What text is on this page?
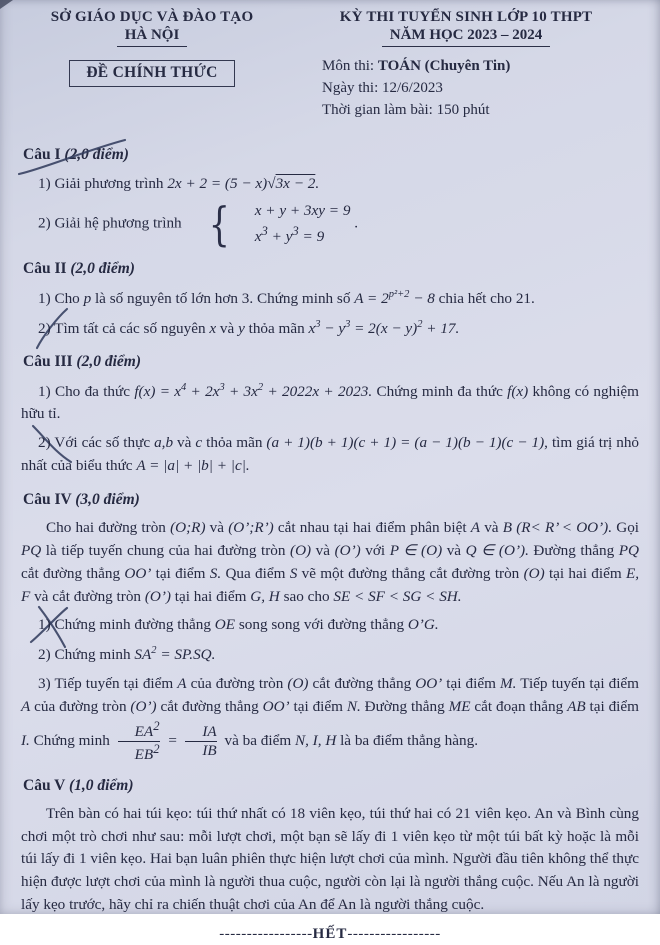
SỞ GIÁO DỤC VÀ ĐÀO TẠO
HÀ NỘI
ĐỀ CHÍNH THỨC
KỲ THI TUYỂN SINH LỚP 10 THPT
NĂM HỌC 2023 – 2024
Môn thi: TOÁN (Chuyên Tin)
Ngày thi: 12/6/2023
Thời gian làm bài: 150 phút
Câu I (2,0 điểm)

1) Giải phương trình 2x + 2 = (5 − x)√3x − 2.

2) Giải hệ phương trình {	x + y + 3xy = 9
$x^3 + y^3 = 9$
.

Câu II (2,0 điểm)

1) Cho p là số nguyên tố lớn hơn 3. Chứng minh số $A = 2^{p^2+2} - 8$ chia hết cho 21.

2) Tìm tất cả các số nguyên x và y thỏa mãn $x^3 - y^3 = 2(x - y)^2 + 17$.

Câu III (2,0 điểm)

1) Cho đa thức $f(x) = x^4 + 2x^3 + 3x^2 + 2022x + 2023$. Chứng minh đa thức f(x) không có nghiệm hữu tỉ.

2) Với các số thực a,b và c thỏa mãn (a + 1)(b + 1)(c + 1) = (a − 1)(b − 1)(c − 1), tìm giá trị nhỏ nhất của biểu thức A = |a| + |b| + |c|.

Câu IV (3,0 điểm)

Cho hai đường tròn (O;R) và (O’;R’) cắt nhau tại hai điểm phân biệt A và B (R< R’ < OO’). Gọi PQ là tiếp tuyến chung của hai đường tròn (O) và (O’) với P ∈ (O) và Q ∈ (O’). Đường thẳng PQ cắt đường thẳng OO’ tại điểm S. Qua điểm S vẽ một đường thẳng cắt đường tròn (O) tại hai điểm E, F và cắt đường tròn (O’) tại hai điểm G, H sao cho SE < SF < SG < SH.

1) Chứng minh đường thẳng OE song song với đường thẳng O’G.

2) Chứng minh $SA^2 = SP.SQ$.

3) Tiếp tuyến tại điểm A của đường tròn (O) cắt đường thẳng OO’ tại điểm M. Tiếp tuyến tại điểm A của đường tròn (O’) cắt đường thẳng OO’ tại điểm N. Đường thẳng ME cắt đoạn thẳng AB tại điểm I. Chứng minh $\frac{EA^2}{EB^2} = \frac{IA}{IB}$ và ba điểm N, I, H là ba điểm thẳng hàng.

Câu V (1,0 điểm)

Trên bàn có hai túi kẹo: túi thứ nhất có 18 viên kẹo, túi thứ hai có 21 viên kẹo. An và Bình cùng chơi một trò chơi như sau: mỗi lượt chơi, một bạn sẽ lấy đi 1 viên kẹo từ một túi bất kỳ hoặc là mỗi túi lấy đi 1 viên kẹo. Hai bạn luân phiên thực hiện lượt chơi của mình. Người đầu tiên không thể thực hiện được lượt chơi của mình là người thua cuộc, người còn lại là người thắng cuộc. Nếu An là người lấy kẹo trước, hãy chỉ ra chiến thuật chơi của An để An là người thắng cuộc.

-----------------HẾT-----------------
